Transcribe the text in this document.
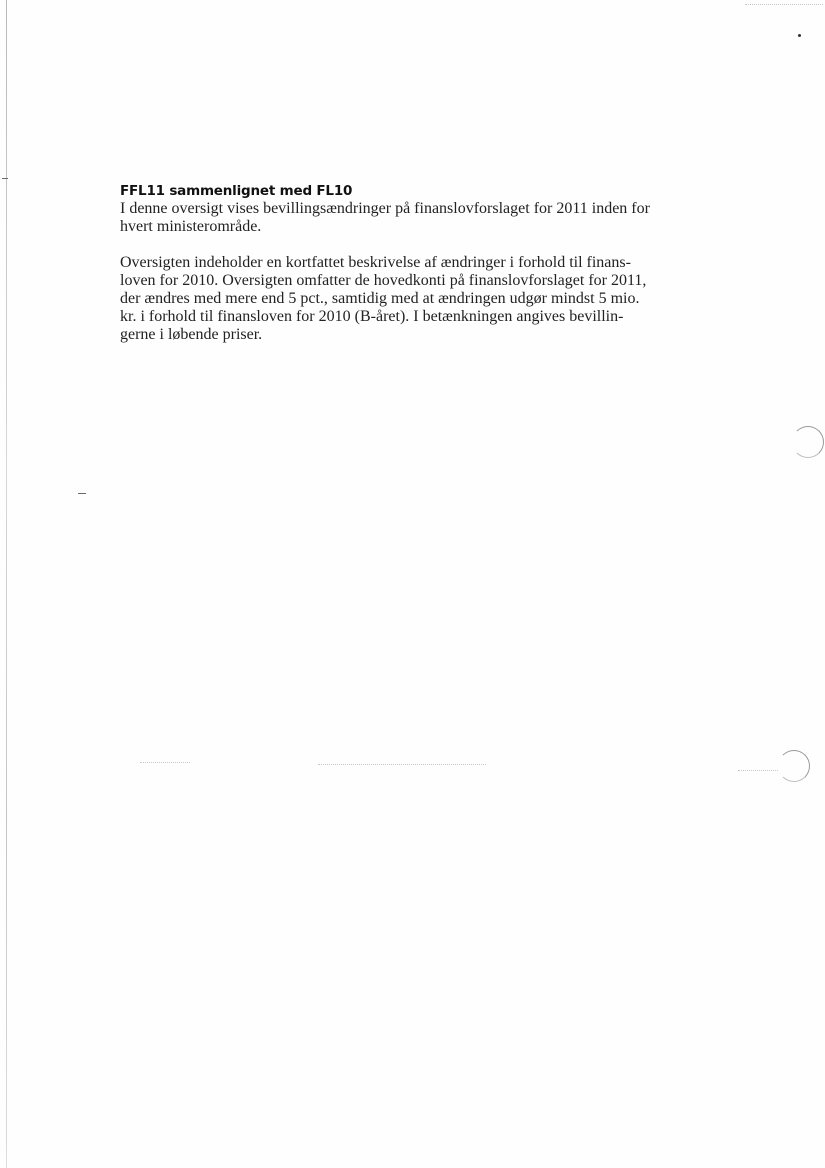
FFL11 sammenlignet med FL10

I denne oversigt vises bevillingsændringer på finanslovforslaget for 2011 inden for
hvert ministerområde.

Oversigten indeholder en kortfattet beskrivelse af ændringer i forhold til finans-
loven for 2010. Oversigten omfatter de hovedkonti på finanslovforslaget for 2011,
der ændres med mere end 5 pct., samtidig med at ændringen udgør mindst 5 mio.
kr. i forhold til finansloven for 2010 (B-året). I betænkningen angives bevillin-
gerne i løbende priser.
